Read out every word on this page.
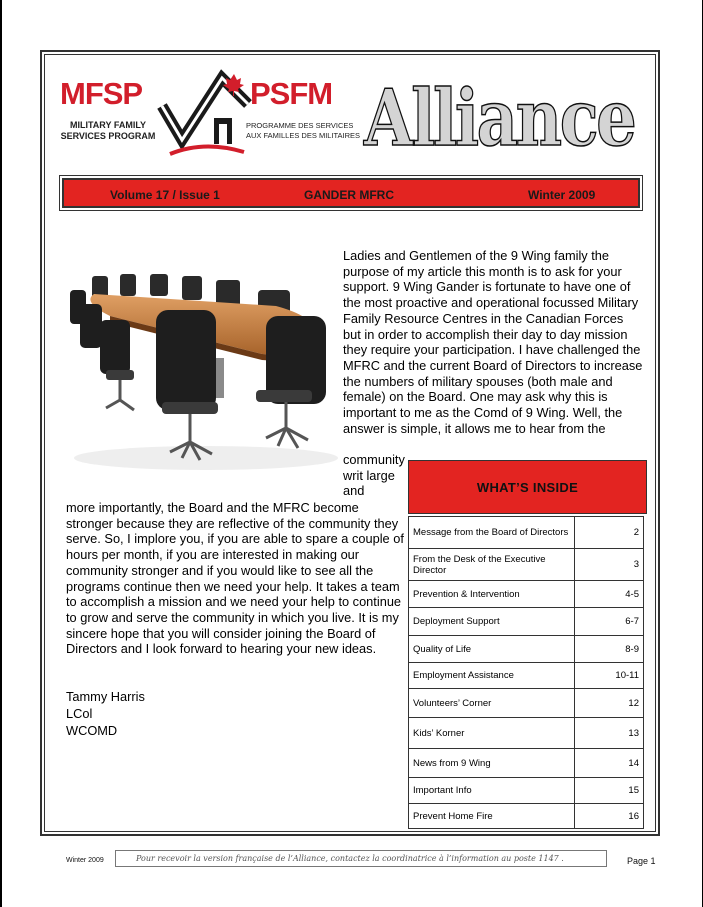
MFSP	PSFM
MILITARY FAMILY SERVICES PROGRAM
PROGRAMME DES SERVICES AUX FAMILLES DES MILITAIRES Alliance
Volume 17 / Issue 1	GANDER MFRC	Winter 2009
Ladies and Gentlemen of the 9 Wing family the purpose of my article this month is to ask for your support. 9 Wing Gander is fortunate to have one of the most proactive and operational focussed Military Family Resource Centres in the Canadian Forces but in order to accomplish their day to day mission they require your participation. I have challenged the MFRC and the current Board of Directors to increase the numbers of military spouses (both male and female) on the Board. One may ask why this is important to me as the Comd of 9 Wing. Well, the answer is simple, it allows me to hear from the
community writ large and
more importantly, the Board and the MFRC become stronger because they are reflective of the community they serve. So, I implore you, if you are able to spare a couple of hours per month, if you are interested in making our community stronger and if you would like to see all the programs continue then we need your help. It takes a team to accomplish a mission and we need your help to continue to grow and serve the community in which you live. It is my sincere hope that you will consider joining the Board of Directors and I look forward to hearing your new ideas.
Tammy Harris
LCol
WCOMD
WHAT’S INSIDE
Message from the Board of Directors	2
From the Desk of the Executive Director	3
Prevention & Intervention	4-5
Deployment Support	6-7
Quality of Life	8-9
Employment Assistance	10-11
Volunteers’ Corner	12
Kids’ Korner	13
News from 9 Wing	14
Important Info	15
Prevent Home Fire	16
Winter 2009	Pour recevoir la version française de l’Alliance, contactez la coordinatrice à l’information au poste 1147 .	Page 1
